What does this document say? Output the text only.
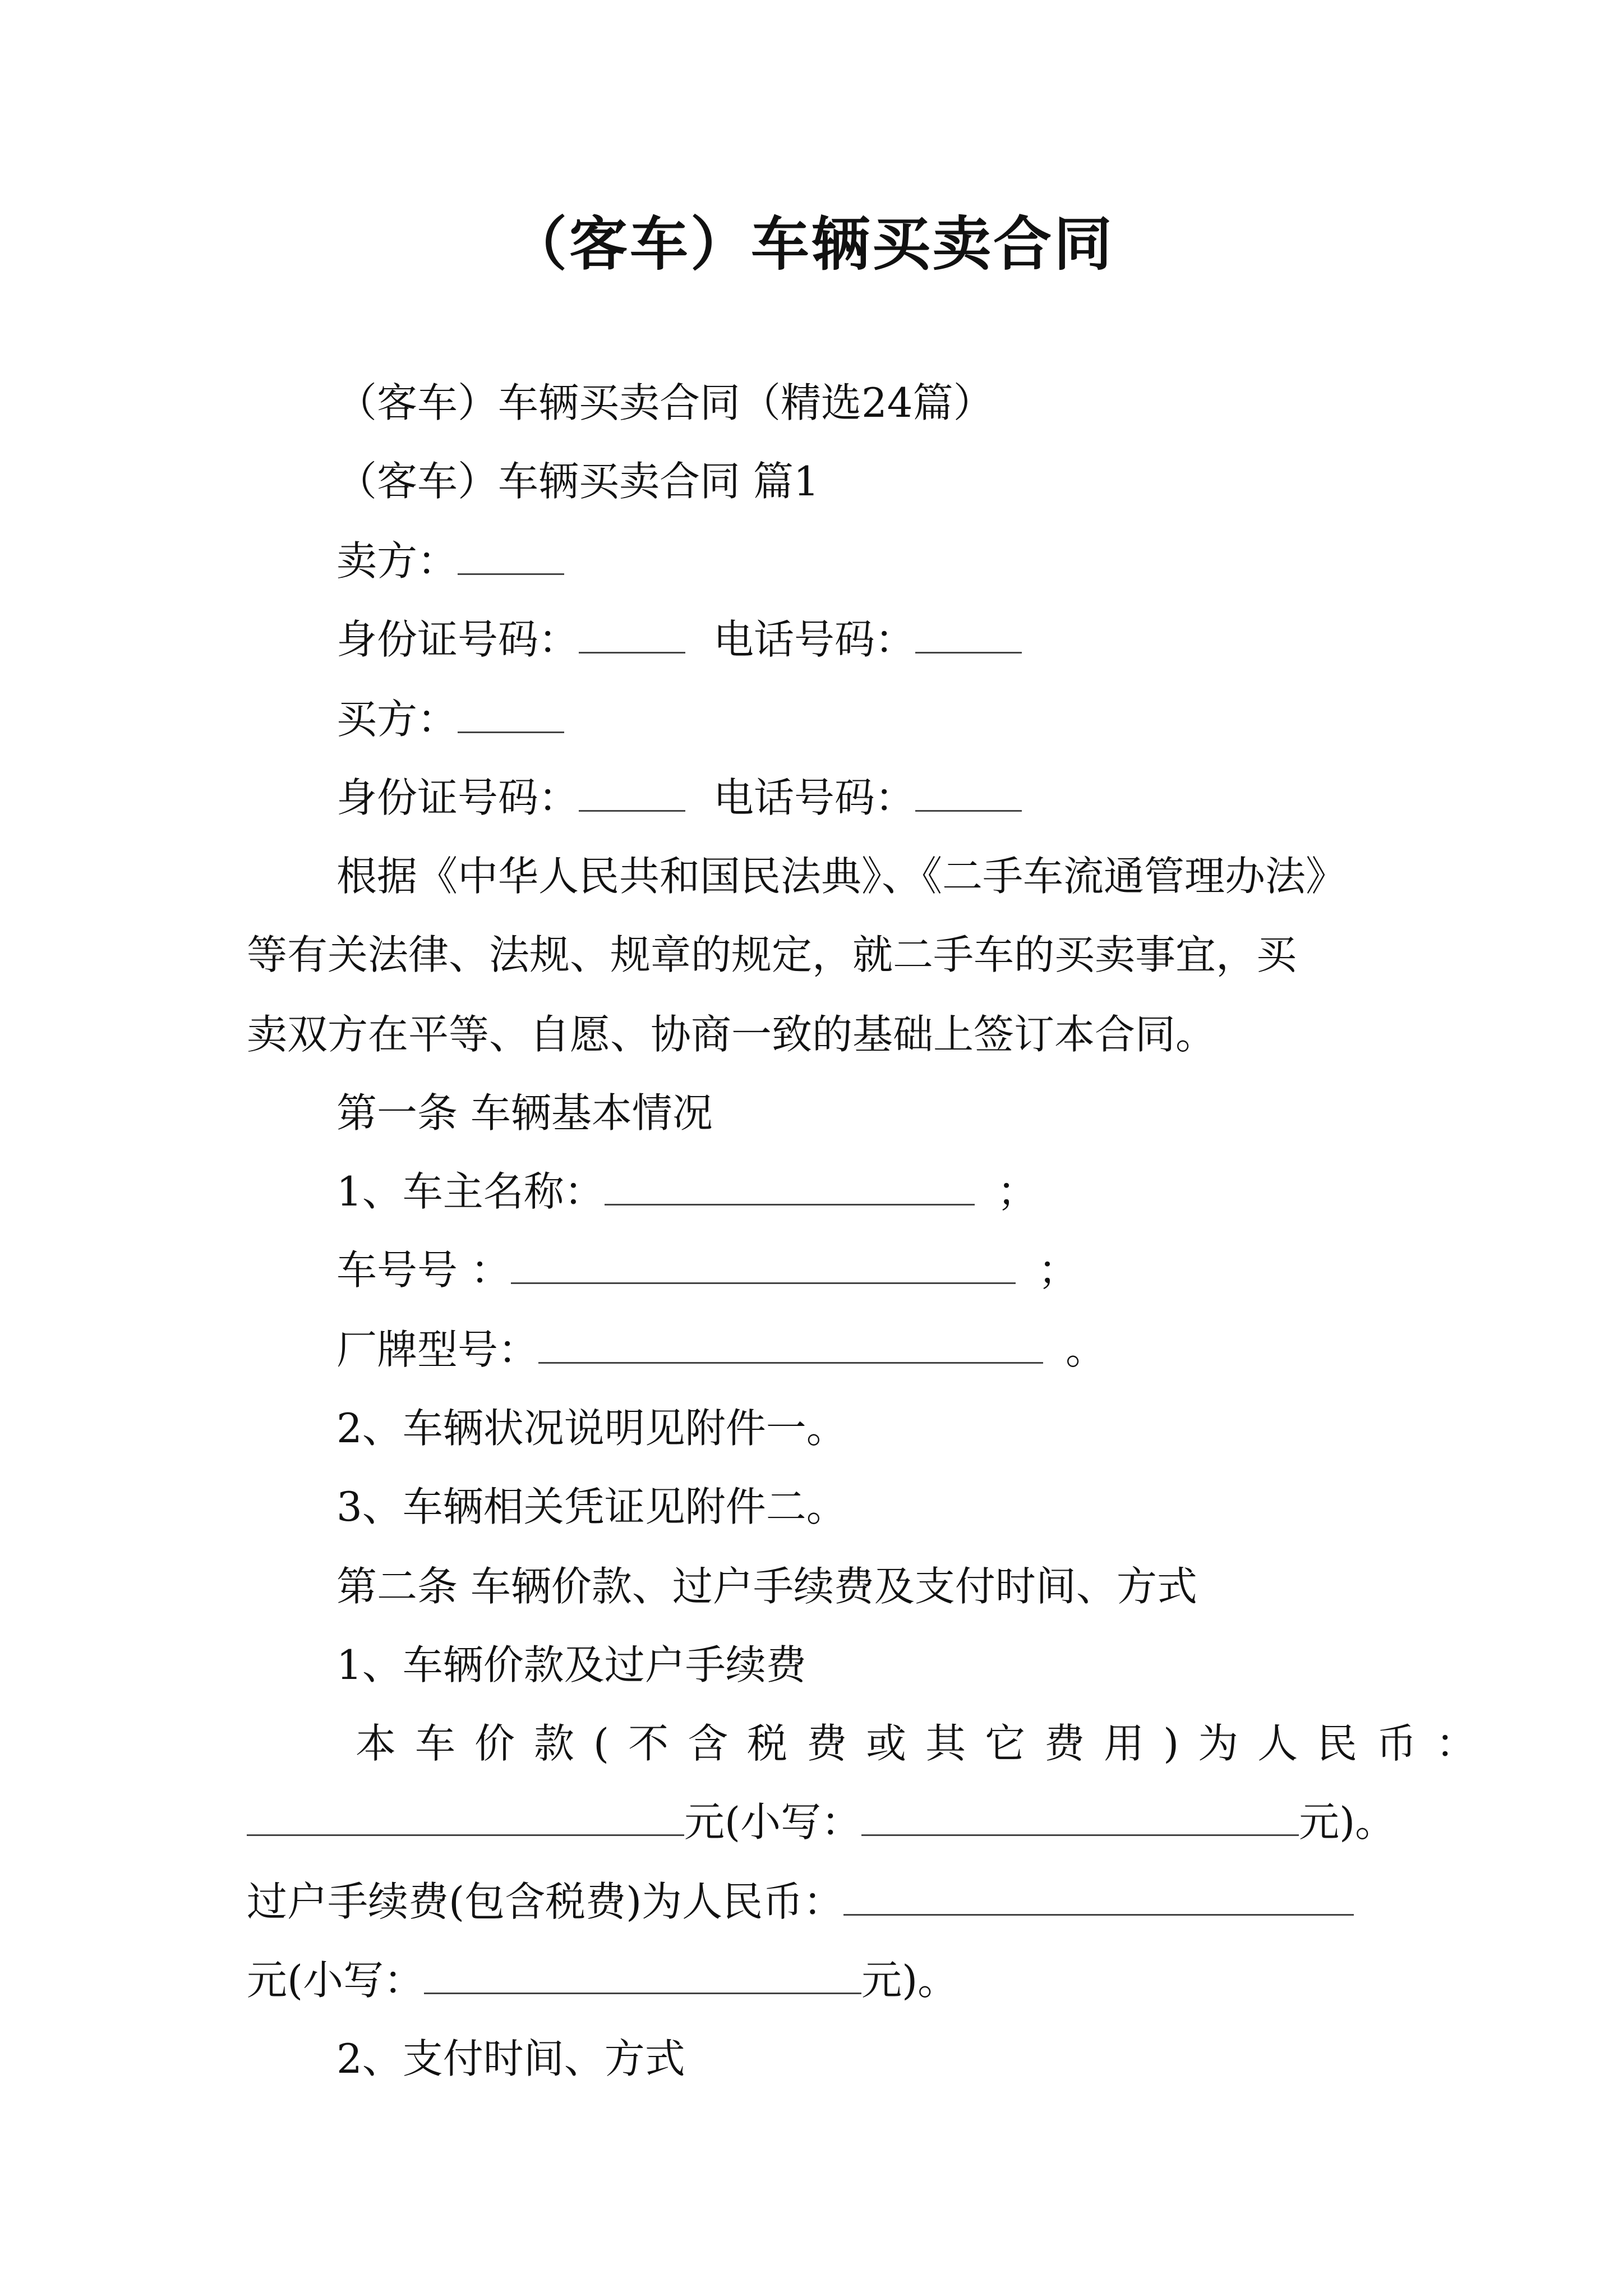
（客车）车辆买卖合同
（客车）车辆买卖合同（精选24篇）
（客车）车辆买卖合同 篇1
卖方：
身份证号码：	电话号码：
买方：
身份证号码：	电话号码：
根据《中华人民共和国民法典》、《二手车流通管理办法》
等有关法律、法规、规章的规定，就二手车的买卖事宜，买
卖双方在平等、自愿、协商一致的基础上签订本合同。
第一条 车辆基本情况
1、车主名称：	；
车号号 ：	；
厂牌型号：	。
2、车辆状况说明见附件一。
3、车辆相关凭证见附件二。
第二条 车辆价款、过户手续费及支付时间、方式
1、车辆价款及过户手续费
本车价款(不含税费或其它费用)为人民币：
元(小写：	元)。
过户手续费(包含税费)为人民币：
元(小写：	元)。
2、支付时间、方式
